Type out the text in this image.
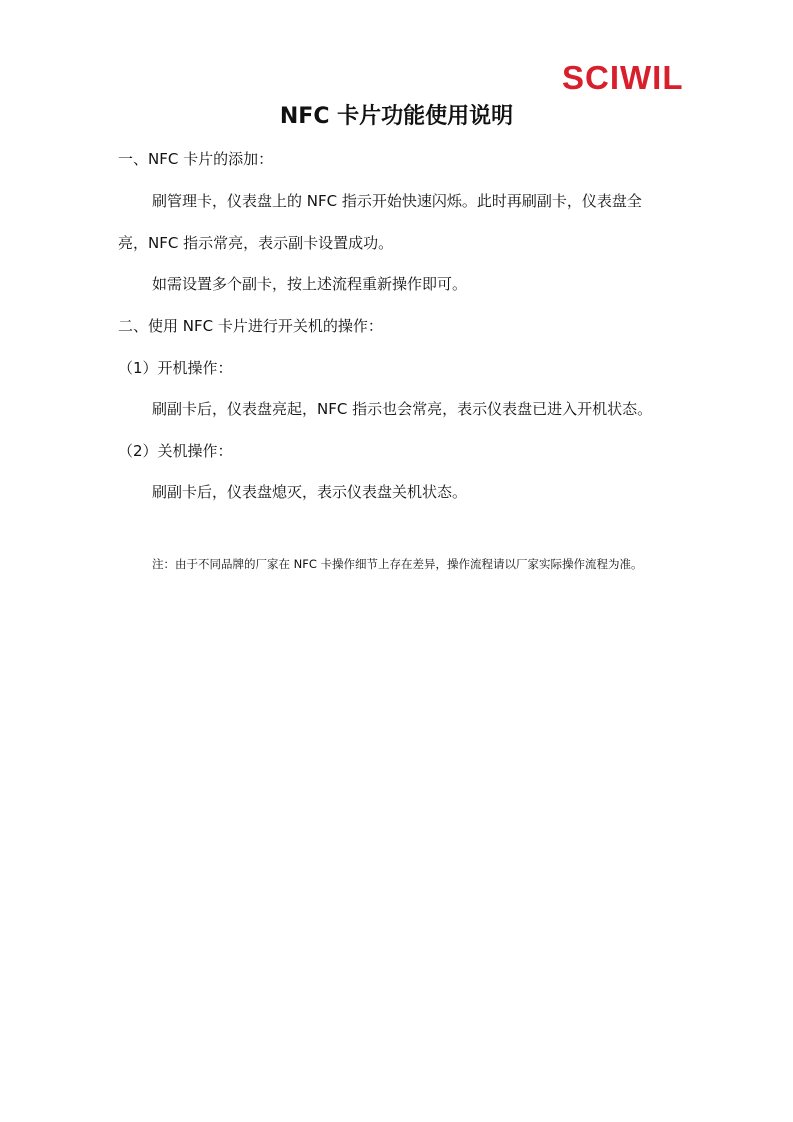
SCIWIL
NFC 卡片功能使用说明
一、NFC 卡片的添加：
刷管理卡，仪表盘上的 NFC 指示开始快速闪烁。此时再刷副卡，仪表盘全
亮，NFC 指示常亮，表示副卡设置成功。
如需设置多个副卡，按上述流程重新操作即可。
二、使用 NFC 卡片进行开关机的操作：
（1）开机操作：
刷副卡后，仪表盘亮起，NFC 指示也会常亮，表示仪表盘已进入开机状态。
（2）关机操作：
刷副卡后，仪表盘熄灭，表示仪表盘关机状态。
注：由于不同品牌的厂家在 NFC 卡操作细节上存在差异，操作流程请以厂家实际操作流程为准。
